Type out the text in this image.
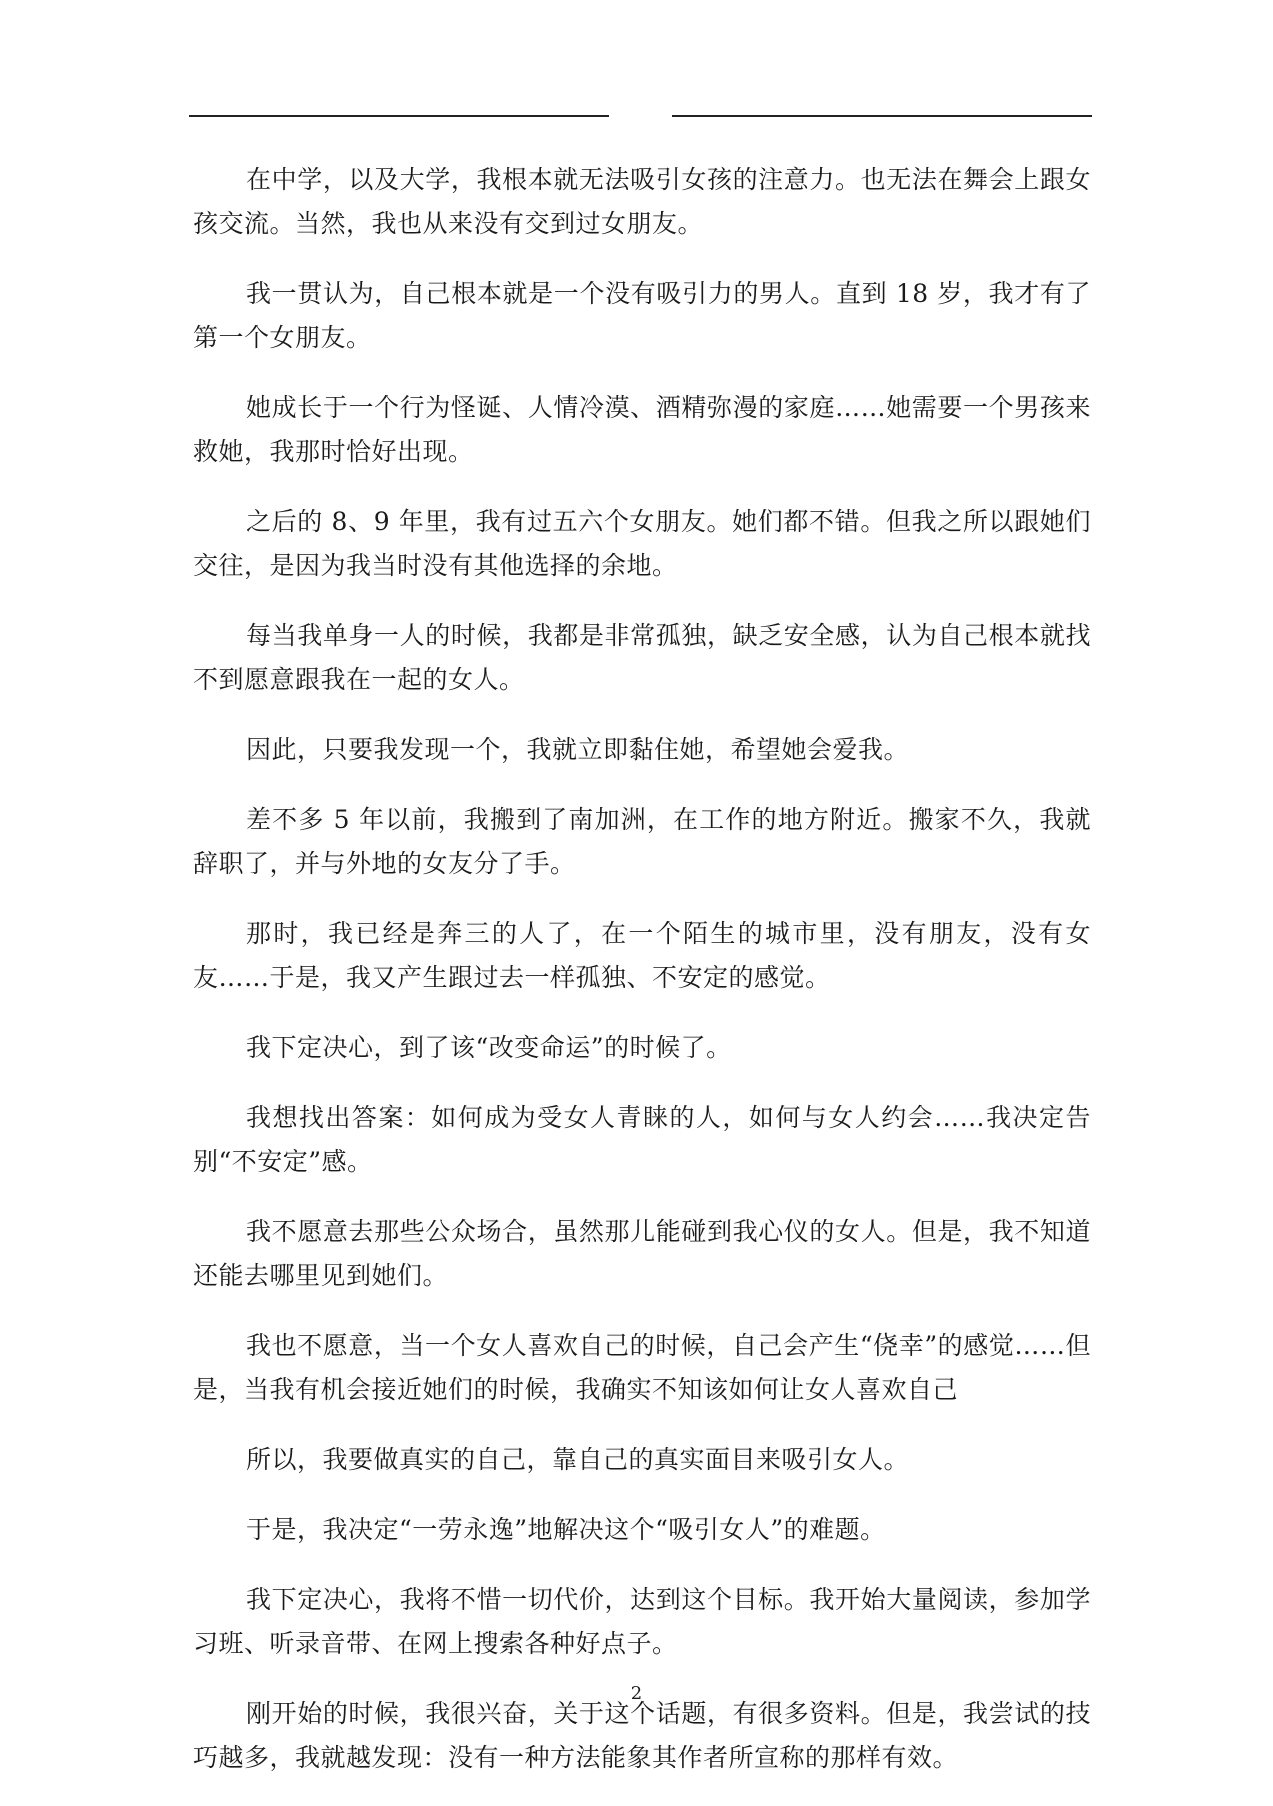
在中学，以及大学，我根本就无法吸引女孩的注意力。也无法在舞会上跟女孩交流。当然，我也从来没有交到过女朋友。

我一贯认为，自己根本就是一个没有吸引力的男人。直到 18 岁，我才有了第一个女朋友。

她成长于一个行为怪诞、人情冷漠、酒精弥漫的家庭……她需要一个男孩来救她，我那时恰好出现。

之后的 8、9 年里，我有过五六个女朋友。她们都不错。但我之所以跟她们交往，是因为我当时没有其他选择的余地。

每当我单身一人的时候，我都是非常孤独，缺乏安全感，认为自己根本就找不到愿意跟我在一起的女人。

因此，只要我发现一个，我就立即黏住她，希望她会爱我。

差不多 5 年以前，我搬到了南加洲，在工作的地方附近。搬家不久，我就辞职了，并与外地的女友分了手。

那时，我已经是奔三的人了，在一个陌生的城市里，没有朋友，没有女友……于是，我又产生跟过去一样孤独、不安定的感觉。

我下定决心，到了该“改变命运”的时候了。

我想找出答案：如何成为受女人青睐的人，如何与女人约会……我决定告别“不安定”感。

我不愿意去那些公众场合，虽然那儿能碰到我心仪的女人。但是，我不知道还能去哪里见到她们。

我也不愿意，当一个女人喜欢自己的时候，自己会产生“侥幸”的感觉……但是，当我有机会接近她们的时候，我确实不知该如何让女人喜欢自己

所以，我要做真实的自己，靠自己的真实面目来吸引女人。

于是，我决定“一劳永逸”地解决这个“吸引女人”的难题。

我下定决心，我将不惜一切代价，达到这个目标。我开始大量阅读，参加学习班、听录音带、在网上搜索各种好点子。

刚开始的时候，我很兴奋，关于这个话题，有很多资料。但是，我尝试的技巧越多，我就越发现：没有一种方法能象其作者所宣称的那样有效。

2
